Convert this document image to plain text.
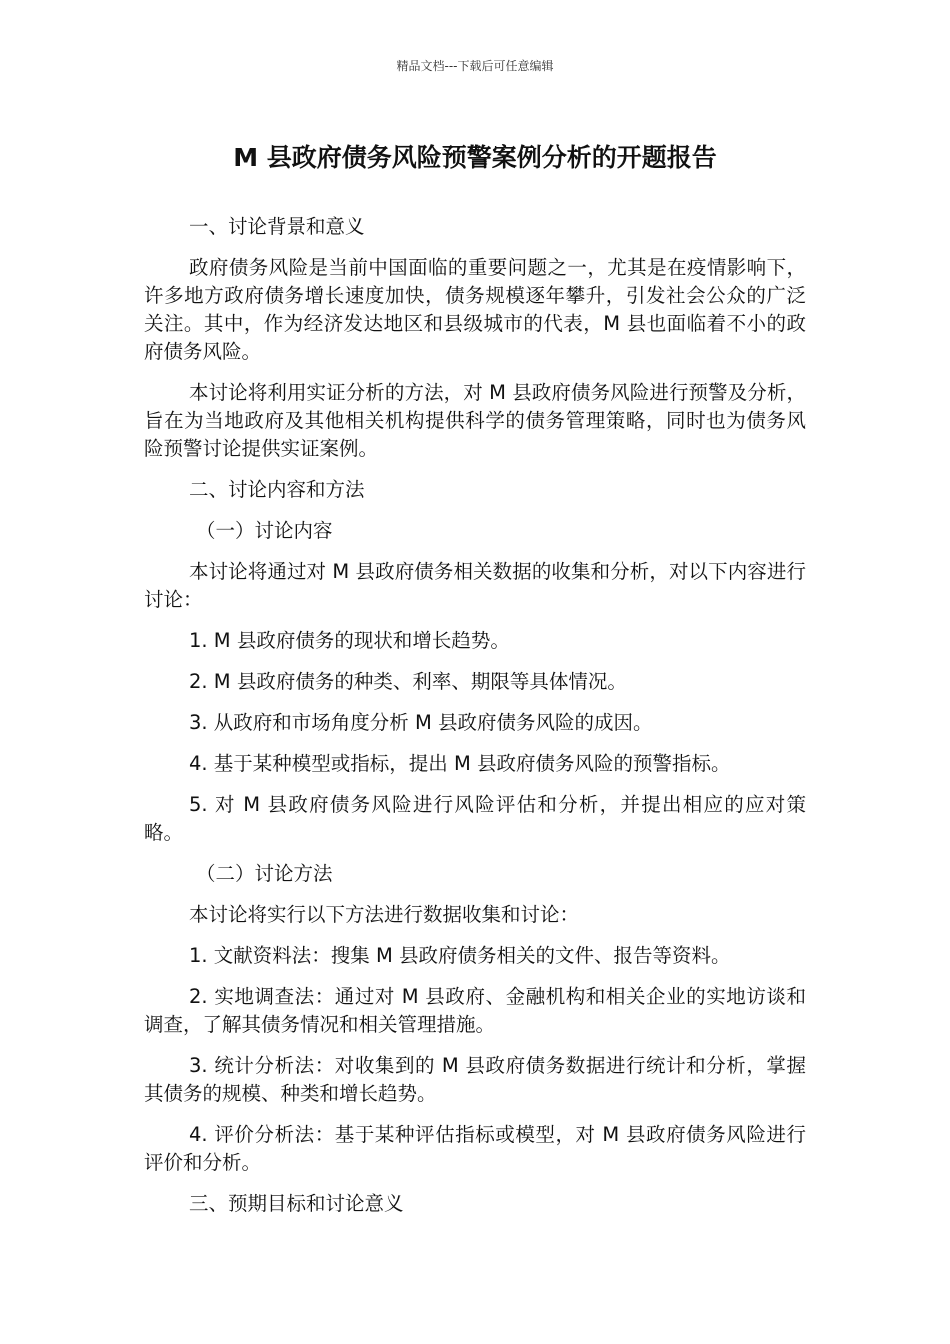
精品文档---下载后可任意编辑
M 县政府债务风险预警案例分析的开题报告

一、讨论背景和意义

政府债务风险是当前中国面临的重要问题之一，尤其是在疫情影响下，许多地方政府债务增长速度加快，债务规模逐年攀升，引发社会公众的广泛关注。其中，作为经济发达地区和县级城市的代表，M 县也面临着不小的政府债务风险。

本讨论将利用实证分析的方法，对 M 县政府债务风险进行预警及分析，旨在为当地政府及其他相关机构提供科学的债务管理策略，同时也为债务风险预警讨论提供实证案例。

二、讨论内容和方法

（一）讨论内容

本讨论将通过对 M 县政府债务相关数据的收集和分析，对以下内容进行讨论：

1. M 县政府债务的现状和增长趋势。

2. M 县政府债务的种类、利率、期限等具体情况。

3. 从政府和市场角度分析 M 县政府债务风险的成因。

4. 基于某种模型或指标，提出 M 县政府债务风险的预警指标。

5. 对 M 县政府债务风险进行风险评估和分析，并提出相应的应对策略。

（二）讨论方法

本讨论将实行以下方法进行数据收集和讨论：

1. 文献资料法：搜集 M 县政府债务相关的文件、报告等资料。

2. 实地调查法：通过对 M 县政府、金融机构和相关企业的实地访谈和调查，了解其债务情况和相关管理措施。

3. 统计分析法：对收集到的 M 县政府债务数据进行统计和分析，掌握其债务的规模、种类和增长趋势。

4. 评价分析法：基于某种评估指标或模型，对 M 县政府债务风险进行评价和分析。

三、预期目标和讨论意义
